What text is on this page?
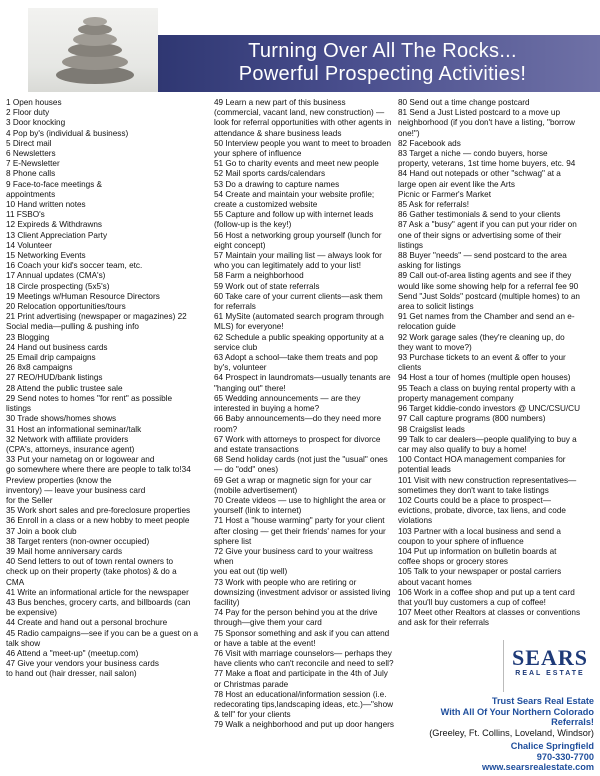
Turning Over All The Rocks...
Powerful Prospecting Activities!
1 Open houses
2 Floor duty
3 Door knocking
4 Pop by's (individual & business)
5 Direct mail
6 Newsletters
7 E-Newsletter
8 Phone calls
9 Face-to-face meetings &
appointments
10 Hand written notes
11 FSBO's
12 Expireds & Withdrawns
13 Client Appreciation Party
14 Volunteer
15 Networking Events
16 Coach your kid's soccer team, etc.
17 Annual updates (CMA's)
18 Circle prospecting (5x5's)
19 Meetings w/Human Resource Directors
20 Relocation opportunities/tours
21 Print advertising (newspaper or magazines) 22
Social media—pulling & pushing info
23 Blogging
24 Hand out business cards
25 Email drip campaigns
26 8x8 campaigns
27 REO/HUD/bank listings
28 Attend the public trustee sale
29 Send notes to homes "for rent" as possible
listings
30 Trade shows/homes shows
31 Host an informational seminar/talk
32 Network with affiliate providers
(CPA's, attorneys, insurance agent)
33 Put your nametag on or logowear and
go somewhere where there are people to talk to!34
Preview properties (know the
inventory) — leave your business card
for the Seller
35 Work short sales and pre-foreclosure properties
36 Enroll in a class or a new hobby to meet people
37 Join a book club
38 Target renters (non-owner occupied)
39 Mail home anniversary cards
40 Send letters to out of town rental owners to
check up on their property (take photos) & do a
CMA
41 Write an informational article for the newspaper
43 Bus benches, grocery carts, and billboards (can
be expensive)
44 Create and hand out a personal brochure
45 Radio campaigns—see if you can be a guest on a
talk show
46 Attend a "meet-up" (meetup.com)
47 Give your vendors your business cards
to hand out (hair dresser, nail salon)
49 Learn a new part of this business
(commercial, vacant land, new construction) —
look for referral opportunities with other agents in
attendance & share business leads
50 Interview people you want to meet to broaden
your sphere of influence
51 Go to charity events and meet new people
52 Mail sports cards/calendars
53 Do a drawing to capture names
54 Create and maintain your website profile;
create a customized website
55 Capture and follow up with internet leads
(follow-up is the key!)
56 Host a networking group yourself (lunch for
eight concept)
57 Maintain your mailing list — always look for
who you can legitimately add to your list!
58 Farm a neighborhood
59 Work out of state referrals
60 Take care of your current clients—ask them
for referrals
61 MySite (automated search program through
MLS) for everyone!
62 Schedule a public speaking opportunity at a
service club
63 Adopt a school—take them treats and pop
by's, volunteer
64 Prospect in laundromats—usually tenants are
"hanging out" there!
65 Wedding announcements — are they
interested in buying a home?
66 Baby announcements—do they need more
room?
67 Work with attorneys to prospect for divorce
and estate transactions
68 Send holiday cards (not just the "usual" ones
— do "odd" ones)
69 Get a wrap or magnetic sign for your car
(mobile advertisement)
70 Create videos — use to highlight the area or
yourself (link to internet)
71 Host a "house warming" party for your client
after closing — get their friends' names for your
sphere list
72 Give your business card to your waitress when
you eat out (tip well)
73 Work with people who are retiring or
downsizing (investment advisor or assisted living
facility)
74 Pay for the person behind you at the drive
through—give them your card
75 Sponsor something and ask if you can attend
or have a table at the event!
76 Visit with marriage counselors— perhaps they
have clients who can't reconcile and need to sell?
77 Make a float and participate in the 4th of July
or Christmas parade
78 Host an educational/information session (i.e.
redecorating tips,landscaping ideas, etc.)—"show
& tell" for your clients
79 Walk a neighborhood and put up door hangers
80 Send out a time change postcard
81 Send a Just Listed postcard to a move up
neighborhood (if you don't have a listing, "borrow
one!")
82 Facebook ads
83 Target a niche — condo buyers, horse
property, veterans, 1st time home buyers, etc. 94
84 Hand out notepads or other "schwag" at a
large open air event like the Arts
Picnic or Farmer's Market
85 Ask for referrals!
86 Gather testimonials & send to your clients
87 Ask a "busy" agent if you can put your rider on
one of their signs or advertising some of their
listings
88 Buyer "needs" — send postcard to the area
asking for listings
89 Call out-of-area listing agents and see if they
would like some showing help for a referral fee 90
Send "Just Solds" postcard (multiple homes) to an
area to solicit listings
91 Get names from the Chamber and send an e-
relocation guide
92 Work garage sales (they're cleaning up, do
they want to move?)
93 Purchase tickets to an event & offer to your
clients
94 Host a tour of homes (multiple open houses)
95 Teach a class on buying rental property with a
property management company
96 Target kiddie-condo investors @ UNC/CSU/CU
97 Call capture programs (800 numbers)
98 Craigslist leads
99 Talk to car dealers—people qualifying to buy a
car may also qualify to buy a home!
100 Contact HOA management companies for
potential leads
101 Visit with new construction representatives—
sometimes they don't want to take listings
102 Courts could be a place to prospect—
evictions, probate, divorce, tax liens, and code
violations
103 Partner with a local business and send a
coupon to your sphere of influence
104 Put up information on bulletin boards at
coffee shops or grocery stores
105 Talk to your newspaper or postal carriers
about vacant homes
106 Work in a coffee shop and put up a tent card
that you'll buy customers a cup of coffee!
107 Meet other Realtors at classes or conventions
and ask for their referrals
SEARS
REAL ESTATE
Trust Sears Real Estate
With All Of Your Northern Colorado
Referrals!
(Greeley, Ft. Collins, Loveland, Windsor)
Chalice Springfield
970-330-7700
www.searsrealestate.com
